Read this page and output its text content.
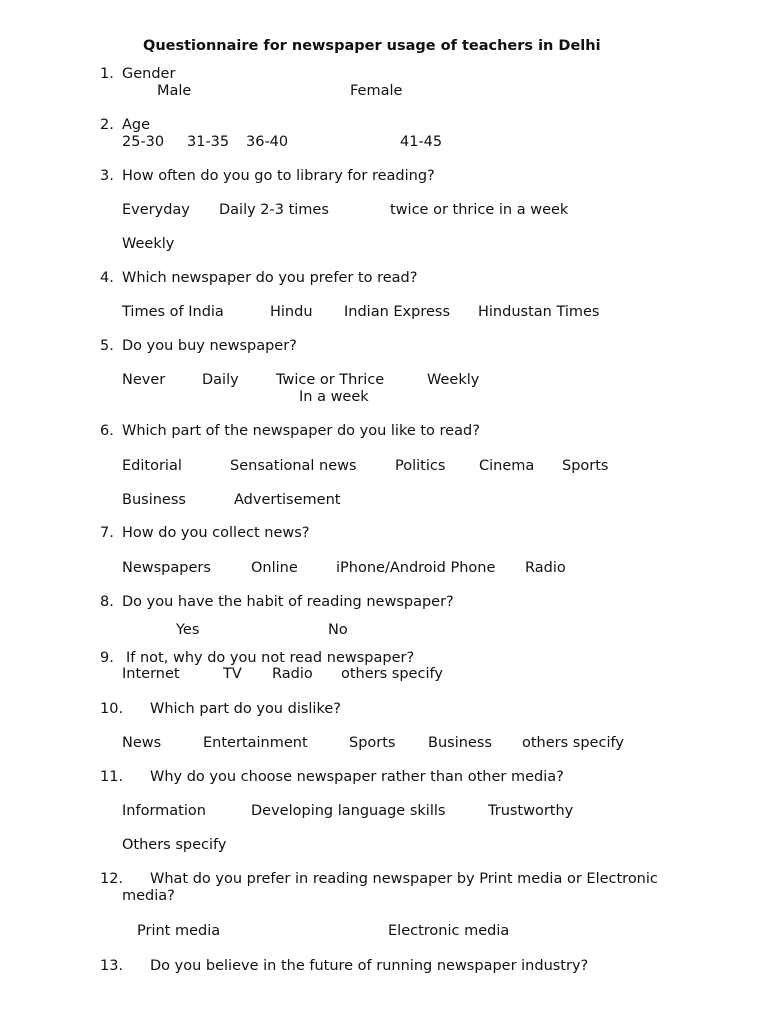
Questionnaire for newspaper usage of teachers in Delhi
1. Gender
Male	Female
2. Age
25-30 31-35 36-40	41-45
3. How often do you go to library for reading?
Everyday Daily 2-3 times	twice or thrice in a week
Weekly
4. Which newspaper do you prefer to read?
Times of India	Hindu Indian Express Hindustan Times
5. Do you buy newspaper?
Never	Daily	Twice or Thrice	Weekly
In a week
6. Which part of the newspaper do you like to read?
Editorial	Sensational news	Politics Cinema Sports
Business	Advertisement
7. How do you collect news?
Newspapers	Online	iPhone/Android Phone Radio
8. Do you have the habit of reading newspaper?
Yes	No
9. If not, why do you not read newspaper?
Internet	TV Radio others specify
10. Which part do you dislike?
News	Entertainment	Sports Business others specify
11. Why do you choose newspaper rather than other media?
Information	Developing language skills	Trustworthy
Others specify
12. What do you prefer in reading newspaper by Print media or Electronic
media?
Print media	Electronic media
13. Do you believe in the future of running newspaper industry?
